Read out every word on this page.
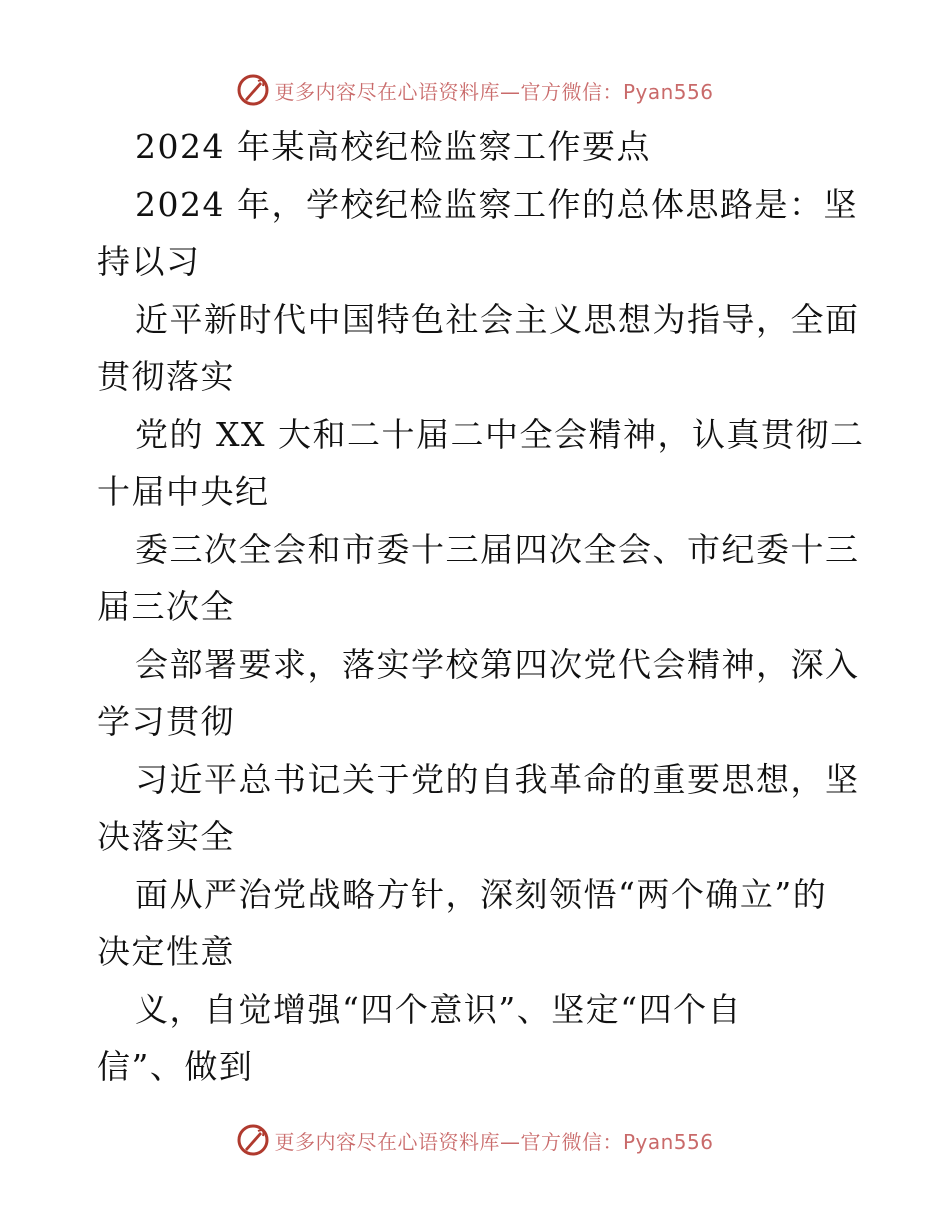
更多内容尽在心语资料库—官方微信：Pyan556
2024 年某高校纪检监察工作要点
2024 年，学校纪检监察工作的总体思路是：坚
持以习
近平新时代中国特色社会主义思想为指导，全面
贯彻落实
党的 XX 大和二十届二中全会精神，认真贯彻二
十届中央纪
委三次全会和市委十三届四次全会、市纪委十三
届三次全
会部署要求，落实学校第四次党代会精神，深入
学习贯彻
习近平总书记关于党的自我革命的重要思想，坚
决落实全
面从严治党战略方针，深刻领悟“两个确立”的
决定性意
义，自觉增强“四个意识”、坚定“四个自
信”、做到
更多内容尽在心语资料库—官方微信：Pyan556
